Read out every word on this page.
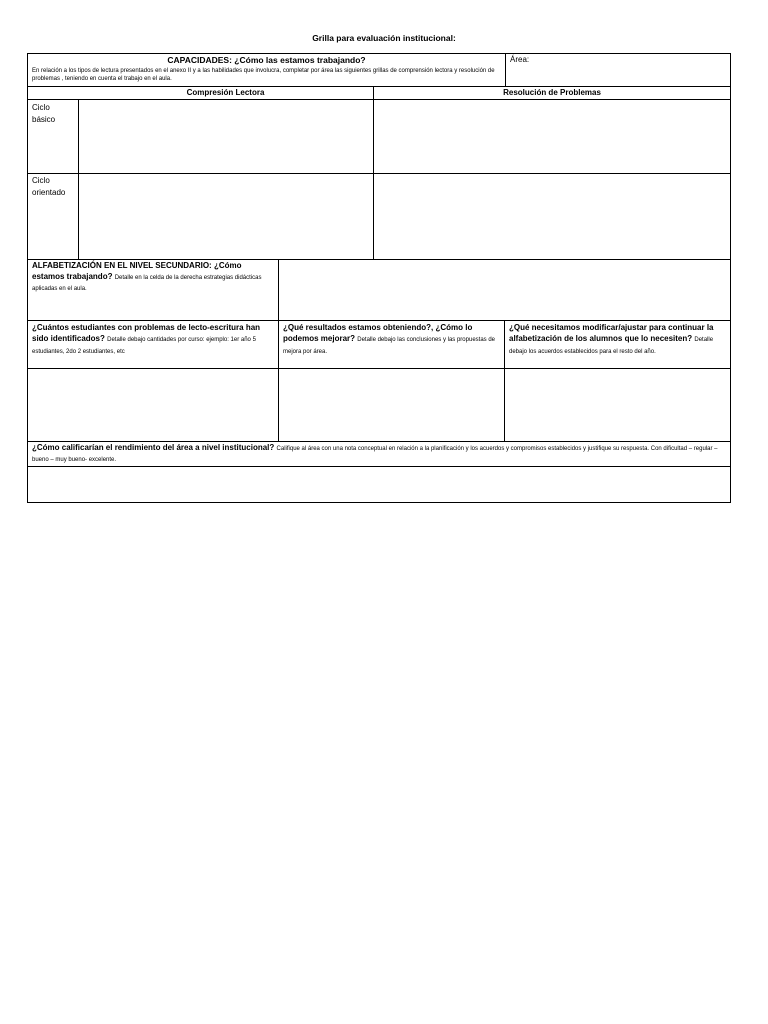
Grilla para evaluación institucional:
CAPACIDADES: ¿Cómo las estamos trabajando?
En relación a los tipos de lectura presentados en el anexo II y a las habilidades que involucra, completar por área las siguientes grillas de comprensión lectora y resolución de problemas , teniendo en cuenta el trabajo en el aula.
Área:
Compresión Lectora	Resolución de Problemas
Ciclo básico
Ciclo orientado
ALFABETIZACIÓN EN EL NIVEL SECUNDARIO: ¿Cómo estamos trabajando? Detalle en la celda de la derecha estrategias didácticas aplicadas en el aula.
¿Cuántos estudiantes con problemas de lecto-escritura han sido identificados? Detalle debajo cantidades por curso: ejemplo: 1er año 5 estudiantes, 2do 2 estudiantes, etc
¿Qué resultados estamos obteniendo?, ¿Cómo lo podemos mejorar? Detalle debajo las conclusiones y las propuestas de mejora por área.
¿Qué necesitamos modificar/ajustar para continuar la alfabetización de los alumnos que lo necesiten? Detalle debajo los acuerdos establecidos para el resto del año.
¿Cómo calificarían el rendimiento del área a nivel institucional? Califique al área con una nota conceptual en relación a la planificación y los acuerdos y compromisos establecidos y justifique su respuesta. Con dificultad – regular – bueno – muy bueno- excelente.
